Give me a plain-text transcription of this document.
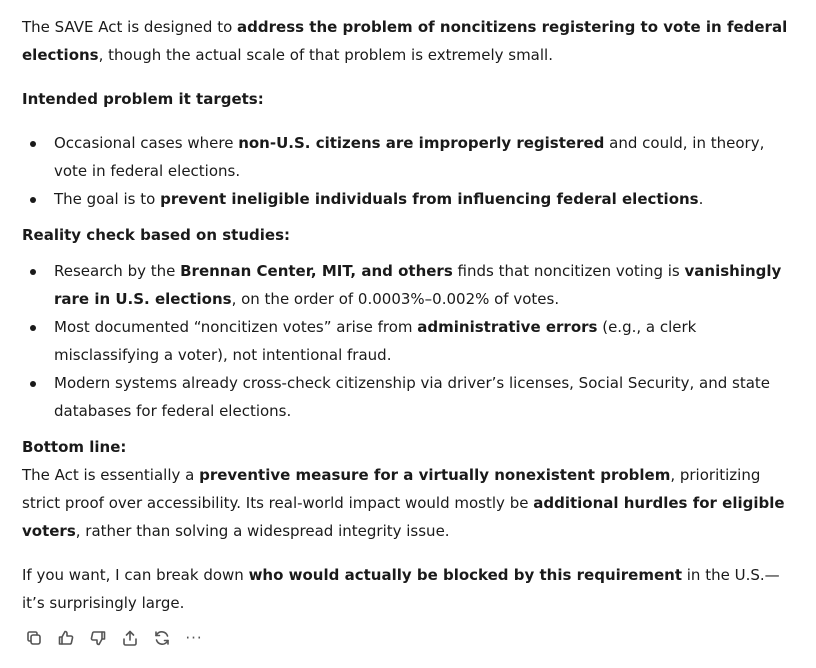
The SAVE Act is designed to address the problem of noncitizens registering to vote in federal elections, though the actual scale of that problem is extremely small.

Intended problem it targets:

Occasional cases where non-U.S. citizens are improperly registered and could, in theory, vote in federal elections.
The goal is to prevent ineligible individuals from influencing federal elections.

Reality check based on studies:

Research by the Brennan Center, MIT, and others finds that noncitizen voting is vanishingly rare in U.S. elections, on the order of 0.0003%–0.002% of votes.
Most documented “noncitizen votes” arise from administrative errors (e.g., a clerk misclassifying a voter), not intentional fraud.
Modern systems already cross-check citizenship via driver’s licenses, Social Security, and state databases for federal elections.

Bottom line:

The Act is essentially a preventive measure for a virtually nonexistent problem, prioritizing strict proof over accessibility. Its real-world impact would mostly be additional hurdles for eligible voters, rather than solving a widespread integrity issue.

If you want, I can break down who would actually be blocked by this requirement in the U.S.—it’s surprisingly large.

···
